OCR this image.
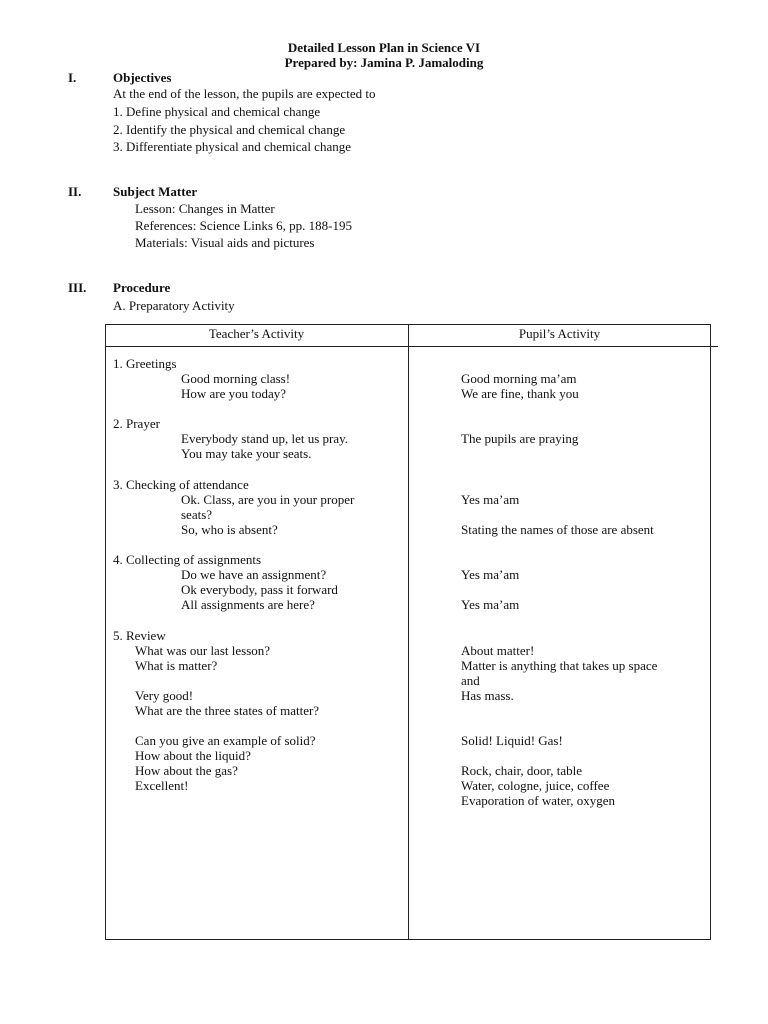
Detailed Lesson Plan in Science VI
Prepared by: Jamina P. Jamaloding
I.	Objectives
At the end of the lesson, the pupils are expected to
1. Define physical and chemical change
2. Identify the physical and chemical change
3. Differentiate physical and chemical change
II. Subject Matter
Lesson: Changes in Matter
References: Science Links 6, pp. 188-195
Materials: Visual aids and pictures
III. Procedure
A. Preparatory Activity
Teacher’s Activity	Pupil’s Activity
1. Greetings
Good morning class!
How are you today?
2. Prayer
Everybody stand up, let us pray.
You may take your seats.
3. Checking of attendance
Ok. Class, are you in your proper
seats?
So, who is absent?
4. Collecting of assignments
Do we have an assignment?
Ok everybody, pass it forward
All assignments are here?
5. Review
What was our last lesson?
What is matter?
Very good!
What are the three states of matter?
Can you give an example of solid?
How about the liquid?
How about the gas?
Excellent!
Good morning ma’am
We are fine, thank you
The pupils are praying
Yes ma’am
Stating the names of those are absent
Yes ma’am
Yes ma’am
About matter!
Matter is anything that takes up space
and
Has mass.
Solid! Liquid! Gas!
Rock, chair, door, table
Water, cologne, juice, coffee
Evaporation of water, oxygen
